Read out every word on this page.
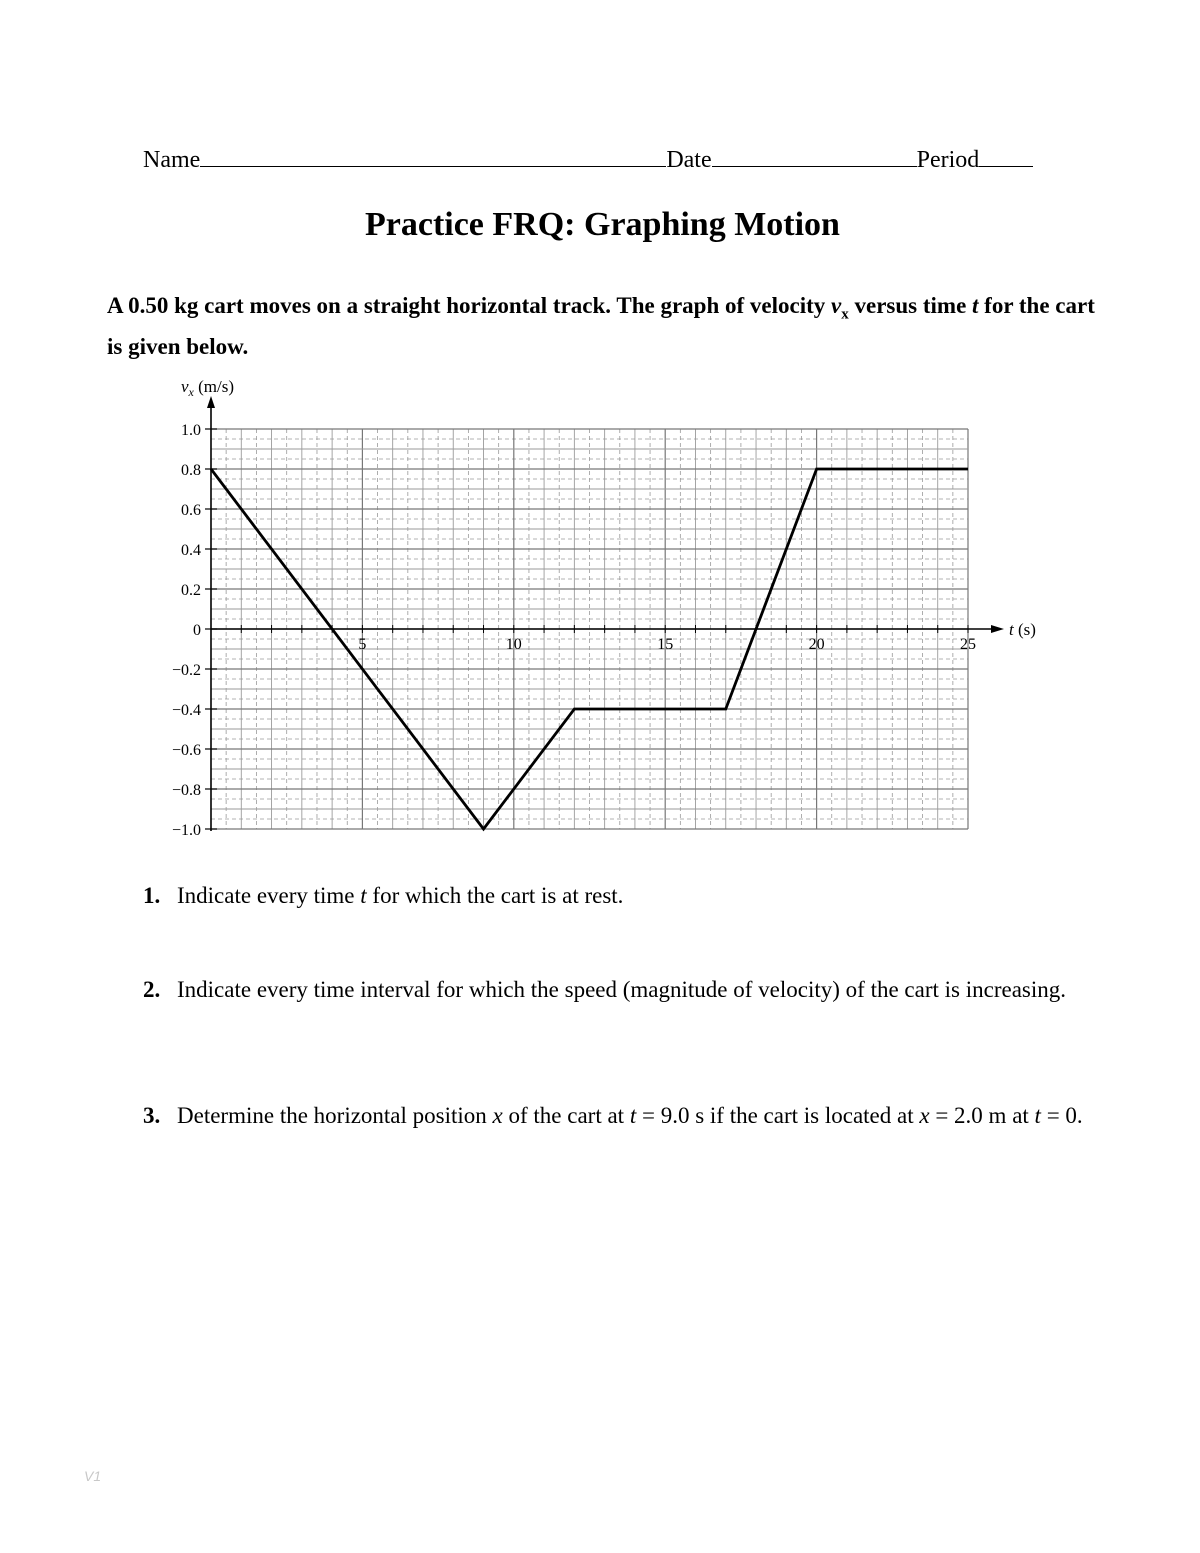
Name	Date	Period
Practice FRQ: Graphing Motion
A 0.50 kg cart moves on a straight horizontal track. The graph of velocity $v_x$ versus time t for the cart is given below.
1.0
0.8
0.6
0.4
0.2
0
−0.2
−0.4
−0.6
−0.8
−1.0
5	10	15	20	25
$v_x$ (m/s)
t (s)
1. Indicate every time t for which the cart is at rest.
2. Indicate every time interval for which the speed (magnitude of velocity) of the cart is increasing.
3. Determine the horizontal position x of the cart at t = 9.0 s if the cart is located at x = 2.0 m at t = 0.
V1
